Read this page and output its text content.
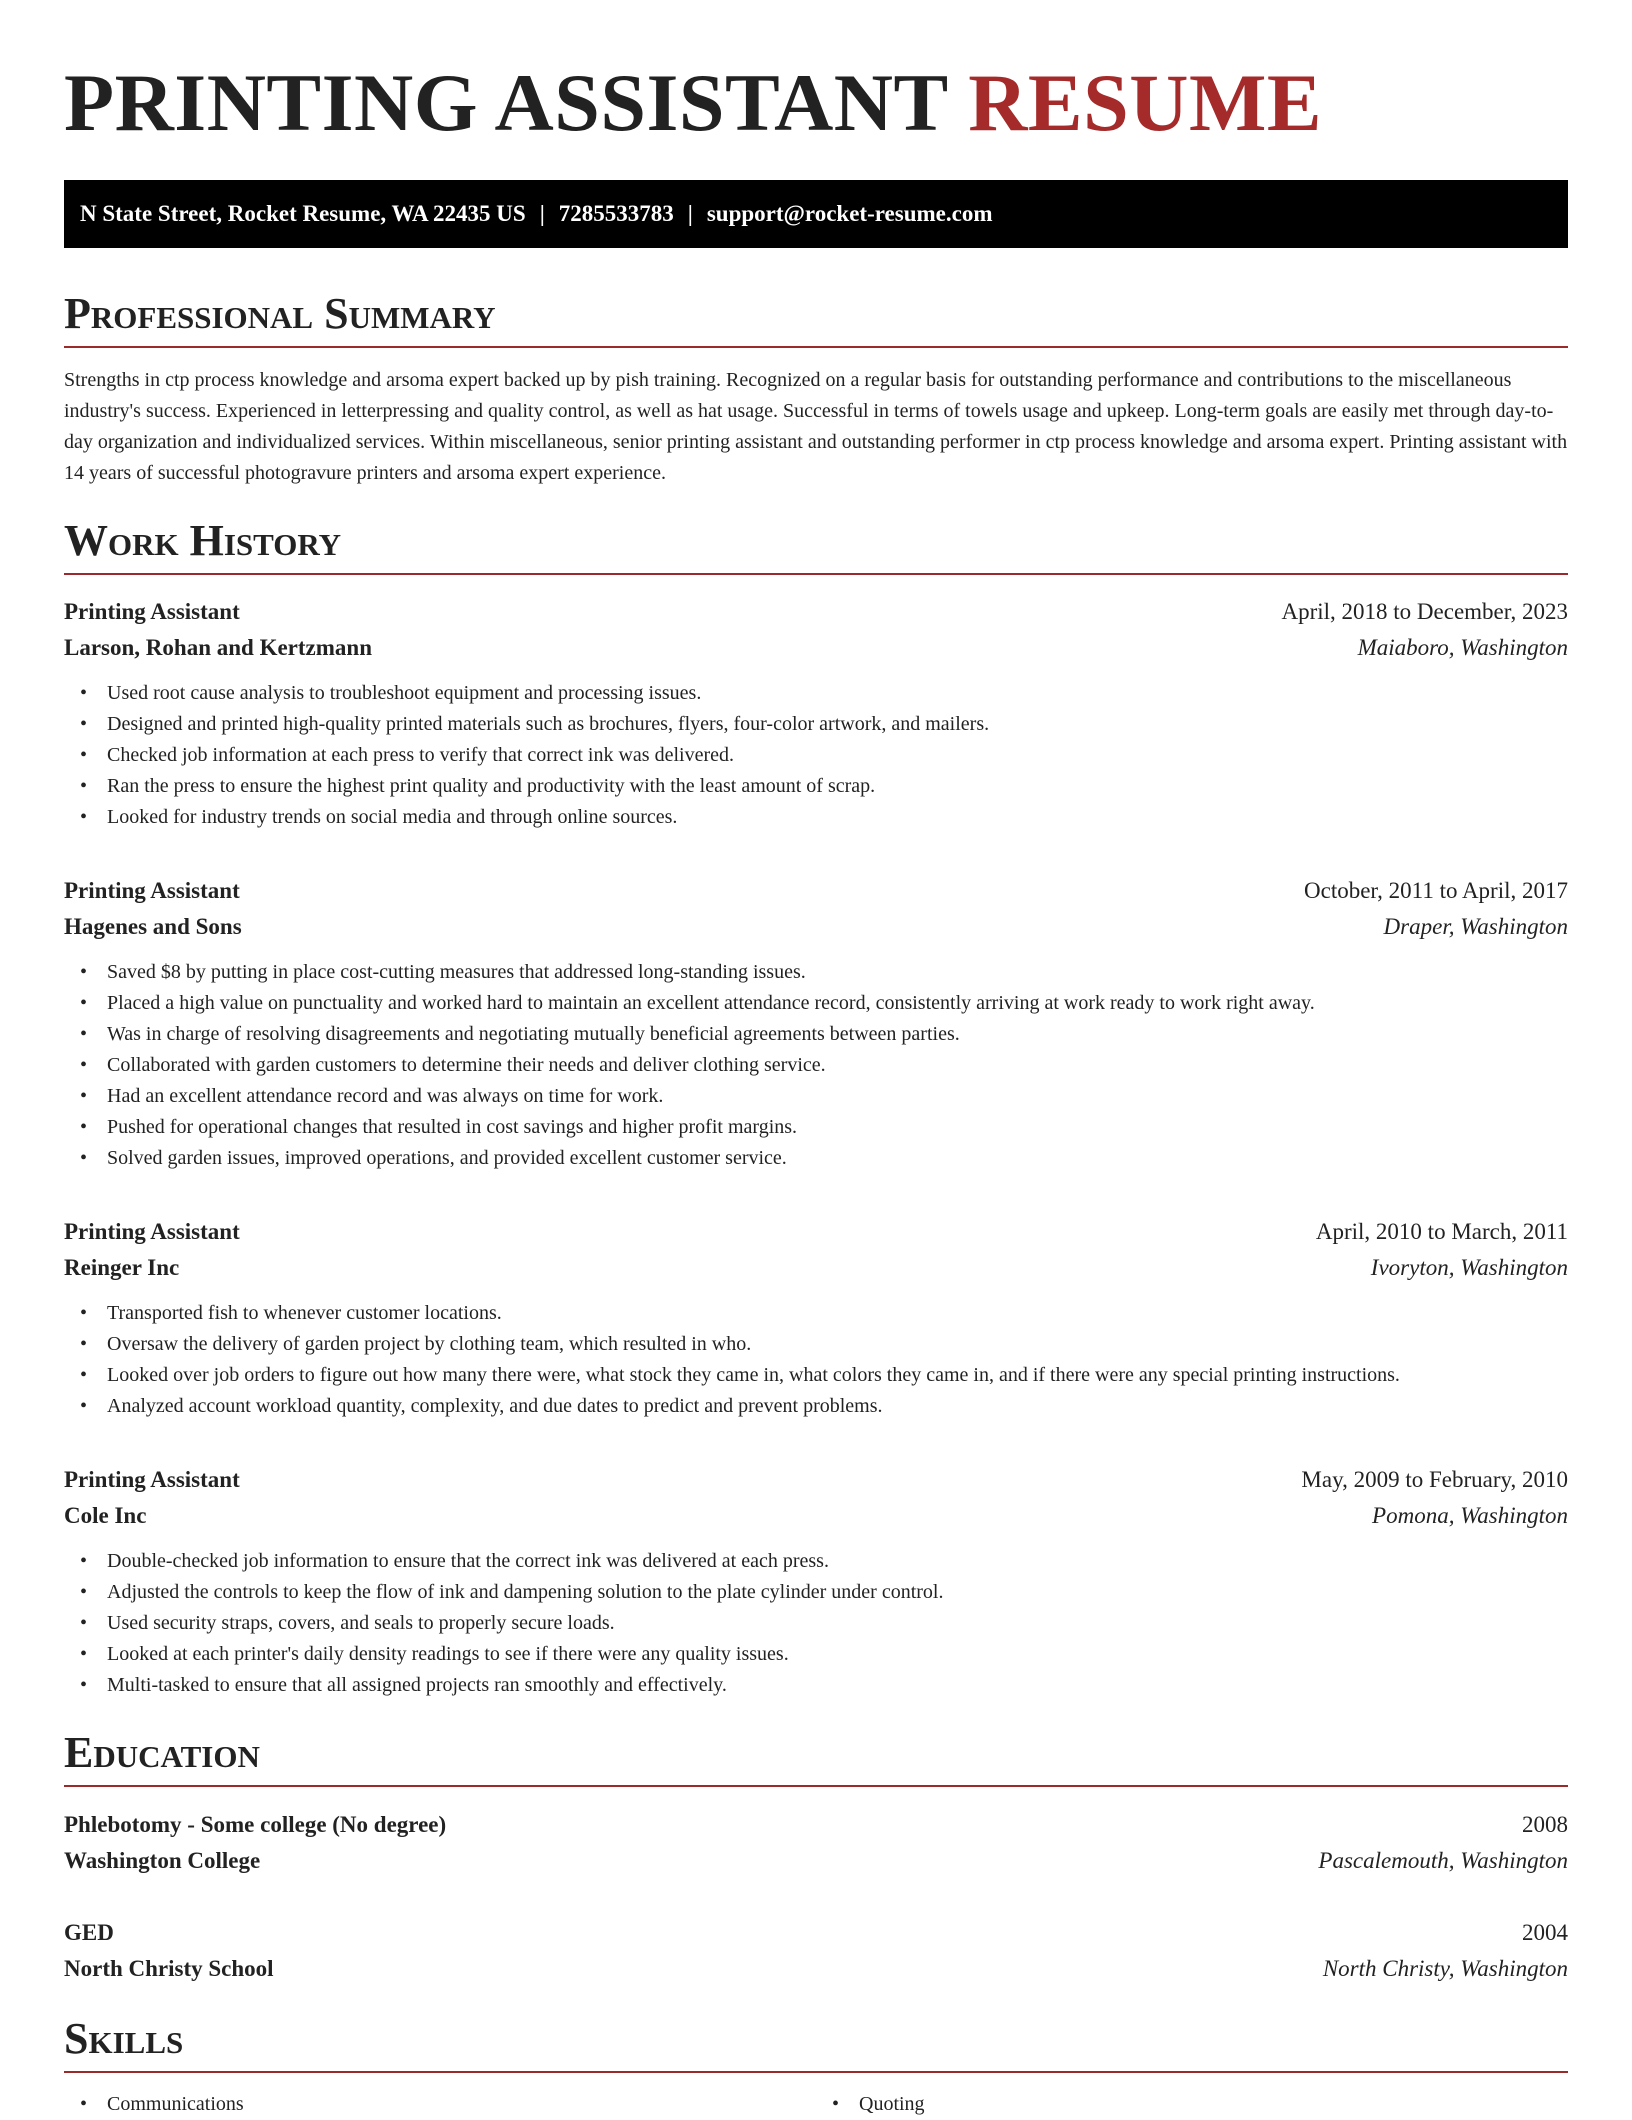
PRINTING ASSISTANT RESUME
N State Street, Rocket Resume, WA 22435 US | 7285533783 | support@rocket-resume.com
Professional Summary

Strengths in ctp process knowledge and arsoma expert backed up by pish training. Recognized on a regular basis for outstanding performance and contributions to the miscellaneous industry's success. Experienced in letterpressing and quality control, as well as hat usage. Successful in terms of towels usage and upkeep. Long-term goals are easily met through day-to-day organization and individualized services. Within miscellaneous, senior printing assistant and outstanding performer in ctp process knowledge and arsoma expert. Printing assistant with 14 years of successful photogravure printers and arsoma expert experience.

Work History
Printing Assistant	April, 2018 to December, 2023
Larson, Rohan and Kertzmann	Maiaboro, Washington
• Used root cause analysis to troubleshoot equipment and processing issues.
• Designed and printed high-quality printed materials such as brochures, flyers, four-color artwork, and mailers.
• Checked job information at each press to verify that correct ink was delivered.
• Ran the press to ensure the highest print quality and productivity with the least amount of scrap.
• Looked for industry trends on social media and through online sources.
Printing Assistant	October, 2011 to April, 2017
Hagenes and Sons	Draper, Washington
• Saved $8 by putting in place cost-cutting measures that addressed long-standing issues.
• Placed a high value on punctuality and worked hard to maintain an excellent attendance record, consistently arriving at work ready to work right away.
• Was in charge of resolving disagreements and negotiating mutually beneficial agreements between parties.
• Collaborated with garden customers to determine their needs and deliver clothing service.
• Had an excellent attendance record and was always on time for work.
• Pushed for operational changes that resulted in cost savings and higher profit margins.
• Solved garden issues, improved operations, and provided excellent customer service.
Printing Assistant	April, 2010 to March, 2011
Reinger Inc	Ivoryton, Washington
• Transported fish to whenever customer locations.
• Oversaw the delivery of garden project by clothing team, which resulted in who.
• Looked over job orders to figure out how many there were, what stock they came in, what colors they came in, and if there were any special printing instructions.
• Analyzed account workload quantity, complexity, and due dates to predict and prevent problems.
Printing Assistant	May, 2009 to February, 2010
Cole Inc	Pomona, Washington
• Double-checked job information to ensure that the correct ink was delivered at each press.
• Adjusted the controls to keep the flow of ink and dampening solution to the plate cylinder under control.
• Used security straps, covers, and seals to properly secure loads.
• Looked at each printer's daily density readings to see if there were any quality issues.
• Multi-tasked to ensure that all assigned projects ran smoothly and effectively.
Education
Phlebotomy - Some college (No degree)	2008
Washington College	Pascalemouth, Washington
GED	2004
North Christy School	North Christy, Washington
Skills
• Communications
•	Quoting
